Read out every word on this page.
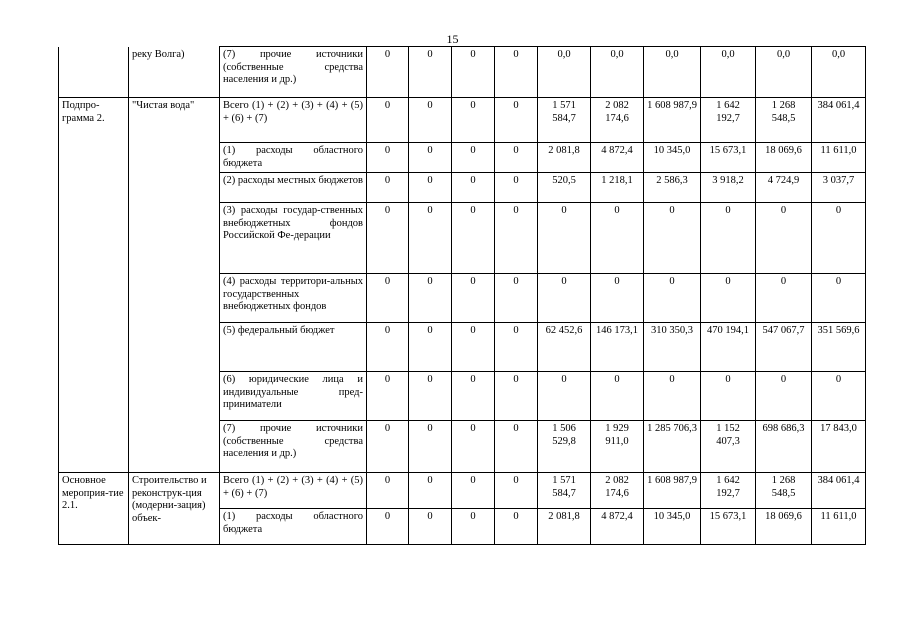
15
	реку Волга)	(7) прочие источники (собственные средства населения и др.)	0	0	0	0	0,0	0,0	0,0	0,0	0,0	0,0
Подпро-грамма 2.	"Чистая вода"	Всего (1) + (2) + (3) + (4) + (5) + (6) + (7)	0	0	0	0	1 571 584,7	2 082 174,6	1 608 987,9	1 642 192,7	1 268 548,5	384 061,4
		(1) расходы областного бюджета	0	0	0	0	2 081,8	4 872,4	10 345,0	15 673,1	18 069,6	11 611,0
		(2) расходы местных бюджетов	0	0	0	0	520,5	1 218,1	2 586,3	3 918,2	4 724,9	3 037,7
		(3) расходы государ-ственных внебюджетных фондов Российской Фе-дерации	0	0	0	0	0	0	0	0	0	0
		(4) расходы территори-альных государственных внебюджетных фондов	0	0	0	0	0	0	0	0	0	0
		(5) федеральный бюджет	0	0	0	0	62 452,6	146 173,1	310 350,3	470 194,1	547 067,7	351 569,6
		(6) юридические лица и индивидуальные пред-приниматели	0	0	0	0	0	0	0	0	0	0
		(7) прочие источники (собственные средства населения и др.)	0	0	0	0	1 506 529,8	1 929 911,0	1 285 706,3	1 152 407,3	698 686,3	17 843,0
Основное мероприя-тие 2.1.	Строительство и реконструк-ция (модерни-зация) объек-	Всего (1) + (2) + (3) + (4) + (5) + (6) + (7)	0	0	0	0	1 571 584,7	2 082 174,6	1 608 987,9	1 642 192,7	1 268 548,5	384 061,4
		(1) расходы областного бюджета	0	0	0	0	2 081,8	4 872,4	10 345,0	15 673,1	18 069,6	11 611,0
